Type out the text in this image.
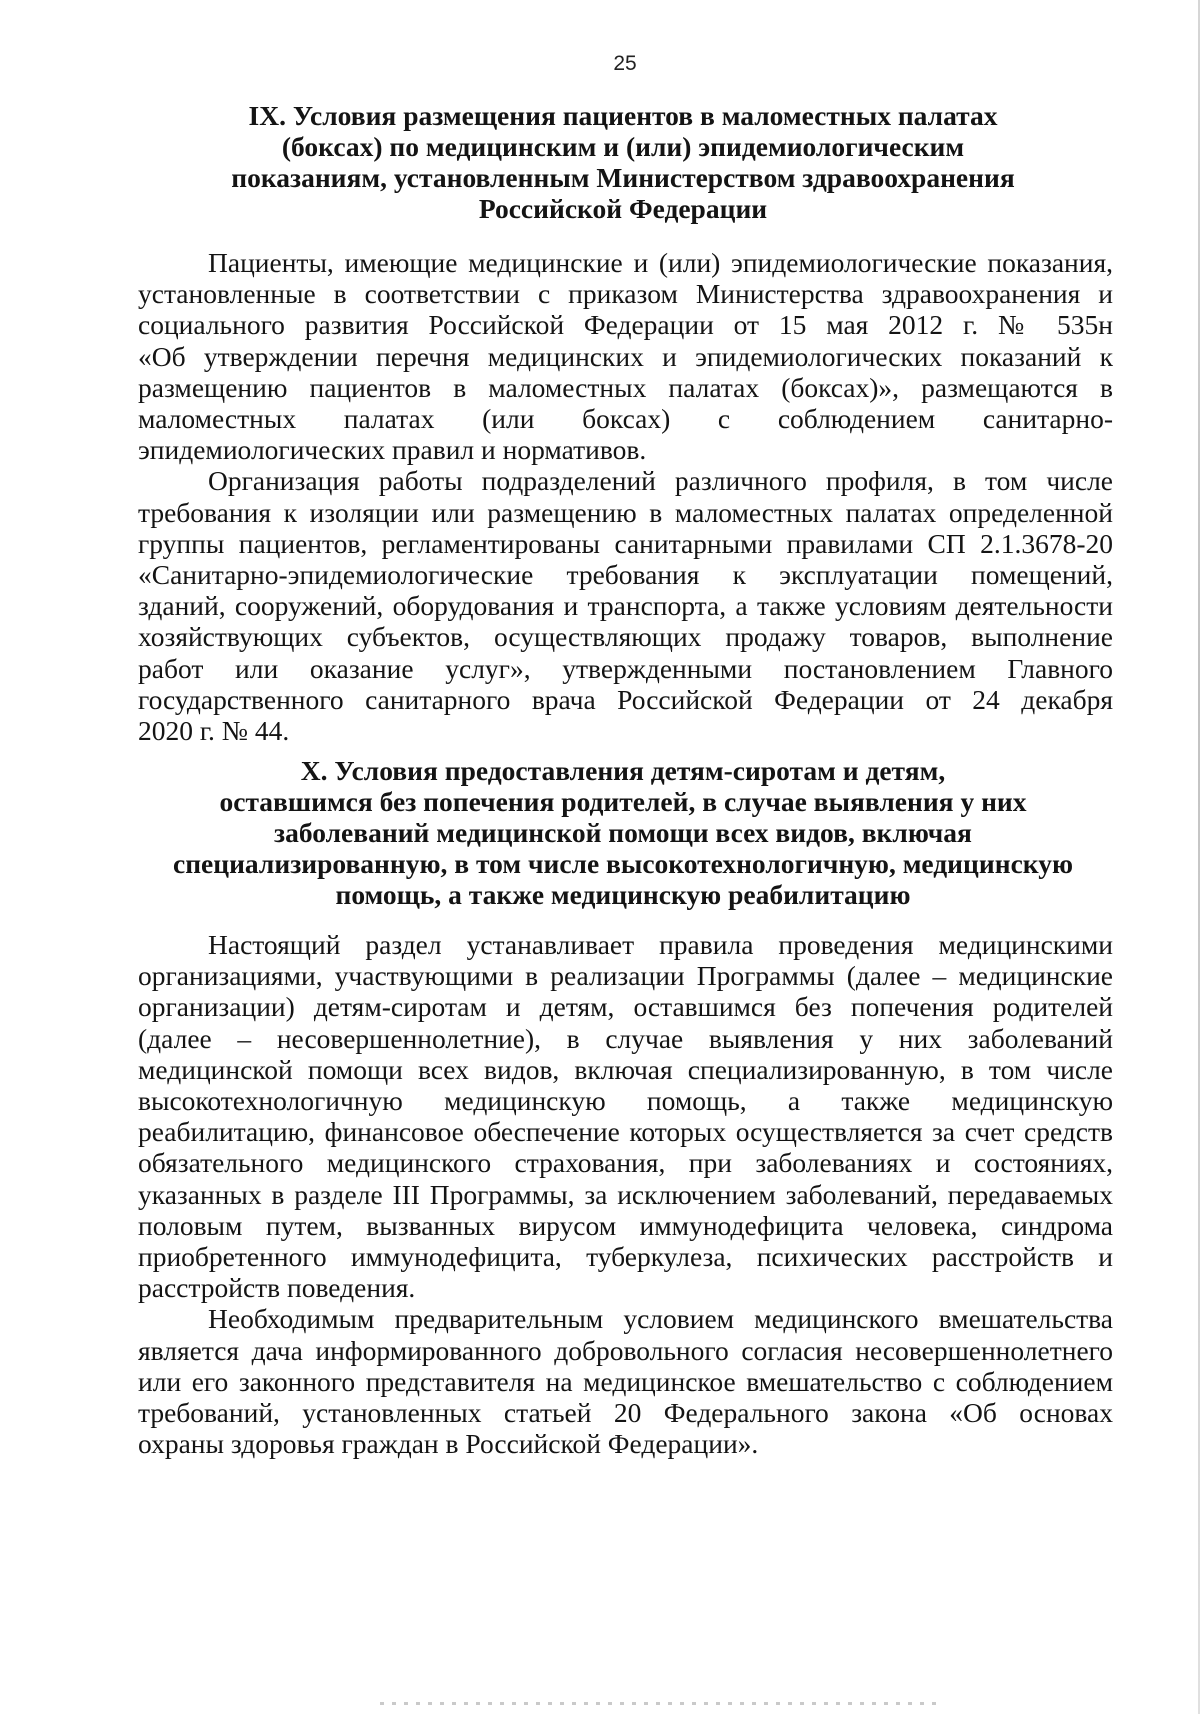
25
IX. Условия размещения пациентов в маломестных палатах
(боксах) по медицинским и (или) эпидемиологическим
показаниям, установленным Министерством здравоохранения
Российской Федерации

Пациенты, имеющие медицинские и (или) эпидемиологические показания,
установленные в соответствии с приказом Министерства здравоохранения и
социального развития Российской Федерации от 15 мая 2012 г. № 535н
«Об утверждении перечня медицинских и эпидемиологических показаний к
размещению пациентов в маломестных палатах (боксах)», размещаются в
маломестных палатах (или боксах) с соблюдением санитарно-
эпидемиологических правил и нормативов.

Организация работы подразделений различного профиля, в том числе
требования к изоляции или размещению в маломестных палатах определенной
группы пациентов, регламентированы санитарными правилами СП 2.1.3678-20
«Санитарно-эпидемиологические требования к эксплуатации помещений,
зданий, сооружений, оборудования и транспорта, а также условиям деятельности
хозяйствующих субъектов, осуществляющих продажу товаров, выполнение
работ или оказание услуг», утвержденными постановлением Главного
государственного санитарного врача Российской Федерации от 24 декабря
2020 г. № 44.

X. Условия предоставления детям-сиротам и детям,
оставшимся без попечения родителей, в случае выявления у них
заболеваний медицинской помощи всех видов, включая
специализированную, в том числе высокотехнологичную, медицинскую
помощь, а также медицинскую реабилитацию

Настоящий раздел устанавливает правила проведения медицинскими
организациями, участвующими в реализации Программы (далее – медицинские
организации) детям-сиротам и детям, оставшимся без попечения родителей
(далее – несовершеннолетние), в случае выявления у них заболеваний
медицинской помощи всех видов, включая специализированную, в том числе
высокотехнологичную медицинскую помощь, а также медицинскую
реабилитацию, финансовое обеспечение которых осуществляется за счет средств
обязательного медицинского страхования, при заболеваниях и состояниях,
указанных в разделе III Программы, за исключением заболеваний, передаваемых
половым путем, вызванных вирусом иммунодефицита человека, синдрома
приобретенного иммунодефицита, туберкулеза, психических расстройств и
расстройств поведения.

Необходимым предварительным условием медицинского вмешательства
является дача информированного добровольного согласия несовершеннолетнего
или его законного представителя на медицинское вмешательство с соблюдением
требований, установленных статьей 20 Федерального закона «Об основах
охраны здоровья граждан в Российской Федерации».
